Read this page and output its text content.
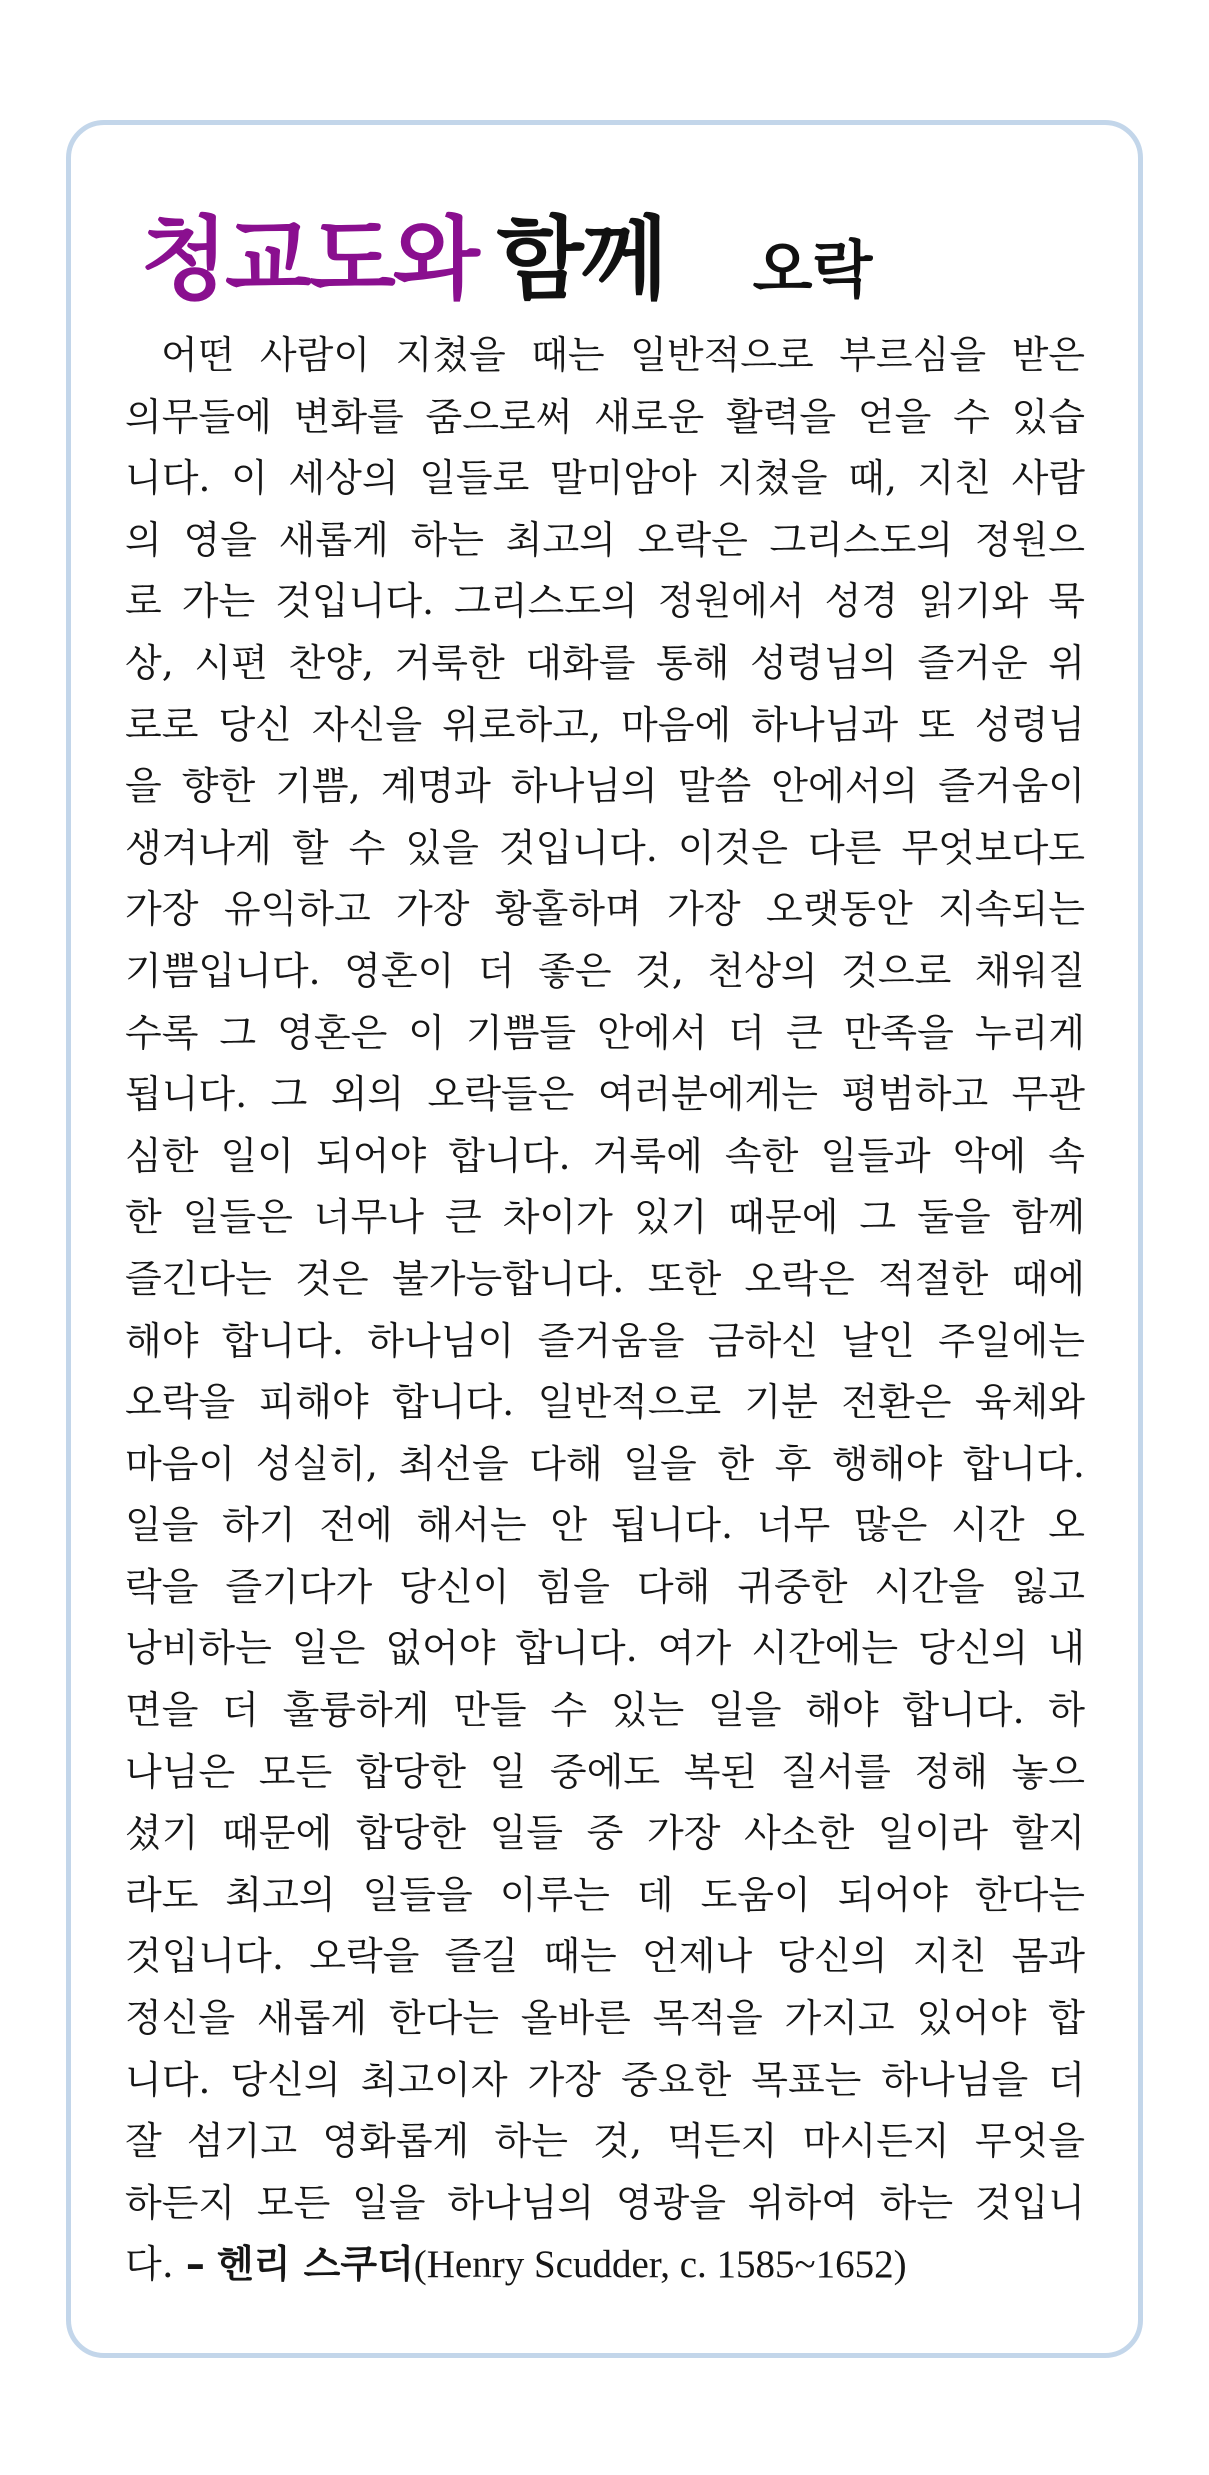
청교도와 함께 오락
어떤 사람이 지쳤을 때는 일반적으로 부르심을 받은
의무들에 변화를 줌으로써 새로운 활력을 얻을 수 있습
니다. 이 세상의 일들로 말미암아 지쳤을 때, 지친 사람
의 영을 새롭게 하는 최고의 오락은 그리스도의 정원으
로 가는 것입니다. 그리스도의 정원에서 성경 읽기와 묵
상, 시편 찬양, 거룩한 대화를 통해 성령님의 즐거운 위
로로 당신 자신을 위로하고, 마음에 하나님과 또 성령님
을 향한 기쁨, 계명과 하나님의 말씀 안에서의 즐거움이
생겨나게 할 수 있을 것입니다. 이것은 다른 무엇보다도
가장 유익하고 가장 황홀하며 가장 오랫동안 지속되는
기쁨입니다. 영혼이 더 좋은 것, 천상의 것으로 채워질
수록 그 영혼은 이 기쁨들 안에서 더 큰 만족을 누리게
됩니다. 그 외의 오락들은 여러분에게는 평범하고 무관
심한 일이 되어야 합니다. 거룩에 속한 일들과 악에 속
한 일들은 너무나 큰 차이가 있기 때문에 그 둘을 함께
즐긴다는 것은 불가능합니다. 또한 오락은 적절한 때에
해야 합니다. 하나님이 즐거움을 금하신 날인 주일에는
오락을 피해야 합니다. 일반적으로 기분 전환은 육체와
마음이 성실히, 최선을 다해 일을 한 후 행해야 합니다.
일을 하기 전에 해서는 안 됩니다. 너무 많은 시간 오
락을 즐기다가 당신이 힘을 다해 귀중한 시간을 잃고
낭비하는 일은 없어야 합니다. 여가 시간에는 당신의 내
면을 더 훌륭하게 만들 수 있는 일을 해야 합니다. 하
나님은 모든 합당한 일 중에도 복된 질서를 정해 놓으
셨기 때문에 합당한 일들 중 가장 사소한 일이라 할지
라도 최고의 일들을 이루는 데 도움이 되어야 한다는
것입니다. 오락을 즐길 때는 언제나 당신의 지친 몸과
정신을 새롭게 한다는 올바른 목적을 가지고 있어야 합
니다. 당신의 최고이자 가장 중요한 목표는 하나님을 더
잘 섬기고 영화롭게 하는 것, 먹든지 마시든지 무엇을
하든지 모든 일을 하나님의 영광을 위하여 하는 것입니
다. – 헨리 스쿠더(Henry Scudder, c. 1585~1652)
